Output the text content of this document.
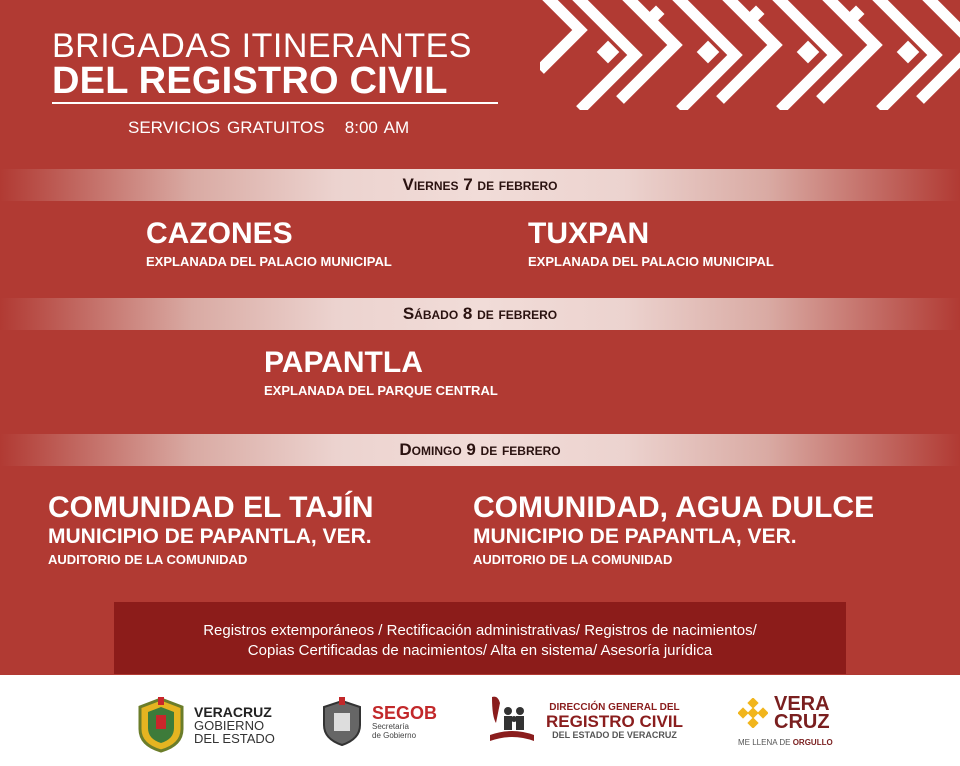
BRIGADAS ITINERANTES
DEL REGISTRO CIVIL
SERVICIOS GRATUITOS   8:00 AM
Viernes 7 de febrero
CAZONES
EXPLANADA DEL PALACIO MUNICIPAL
TUXPAN
EXPLANADA DEL PALACIO MUNICIPAL
Sábado 8 de febrero
PAPANTLA
EXPLANADA DEL PARQUE CENTRAL
Domingo 9 de febrero
COMUNIDAD EL TAJÍN
MUNICIPIO DE PAPANTLA, VER.
AUDITORIO DE LA COMUNIDAD
COMUNIDAD, AGUA DULCE
MUNICIPIO DE PAPANTLA, VER.
AUDITORIO DE LA COMUNIDAD
Registros extemporáneos / Rectificación administrativas/ Registros de nacimientos/
Copias Certificadas de nacimientos/ Alta en sistema/ Asesoría jurídica
VERACRUZ
GOBIERNO
DEL ESTADO
SEGOB
Secretaría
de Gobierno
DIRECCIÓN GENERAL DEL
REGISTRO CIVIL
DEL ESTADO DE VERACRUZ
VERA
CRUZ
ME LLENA DE ORGULLO
